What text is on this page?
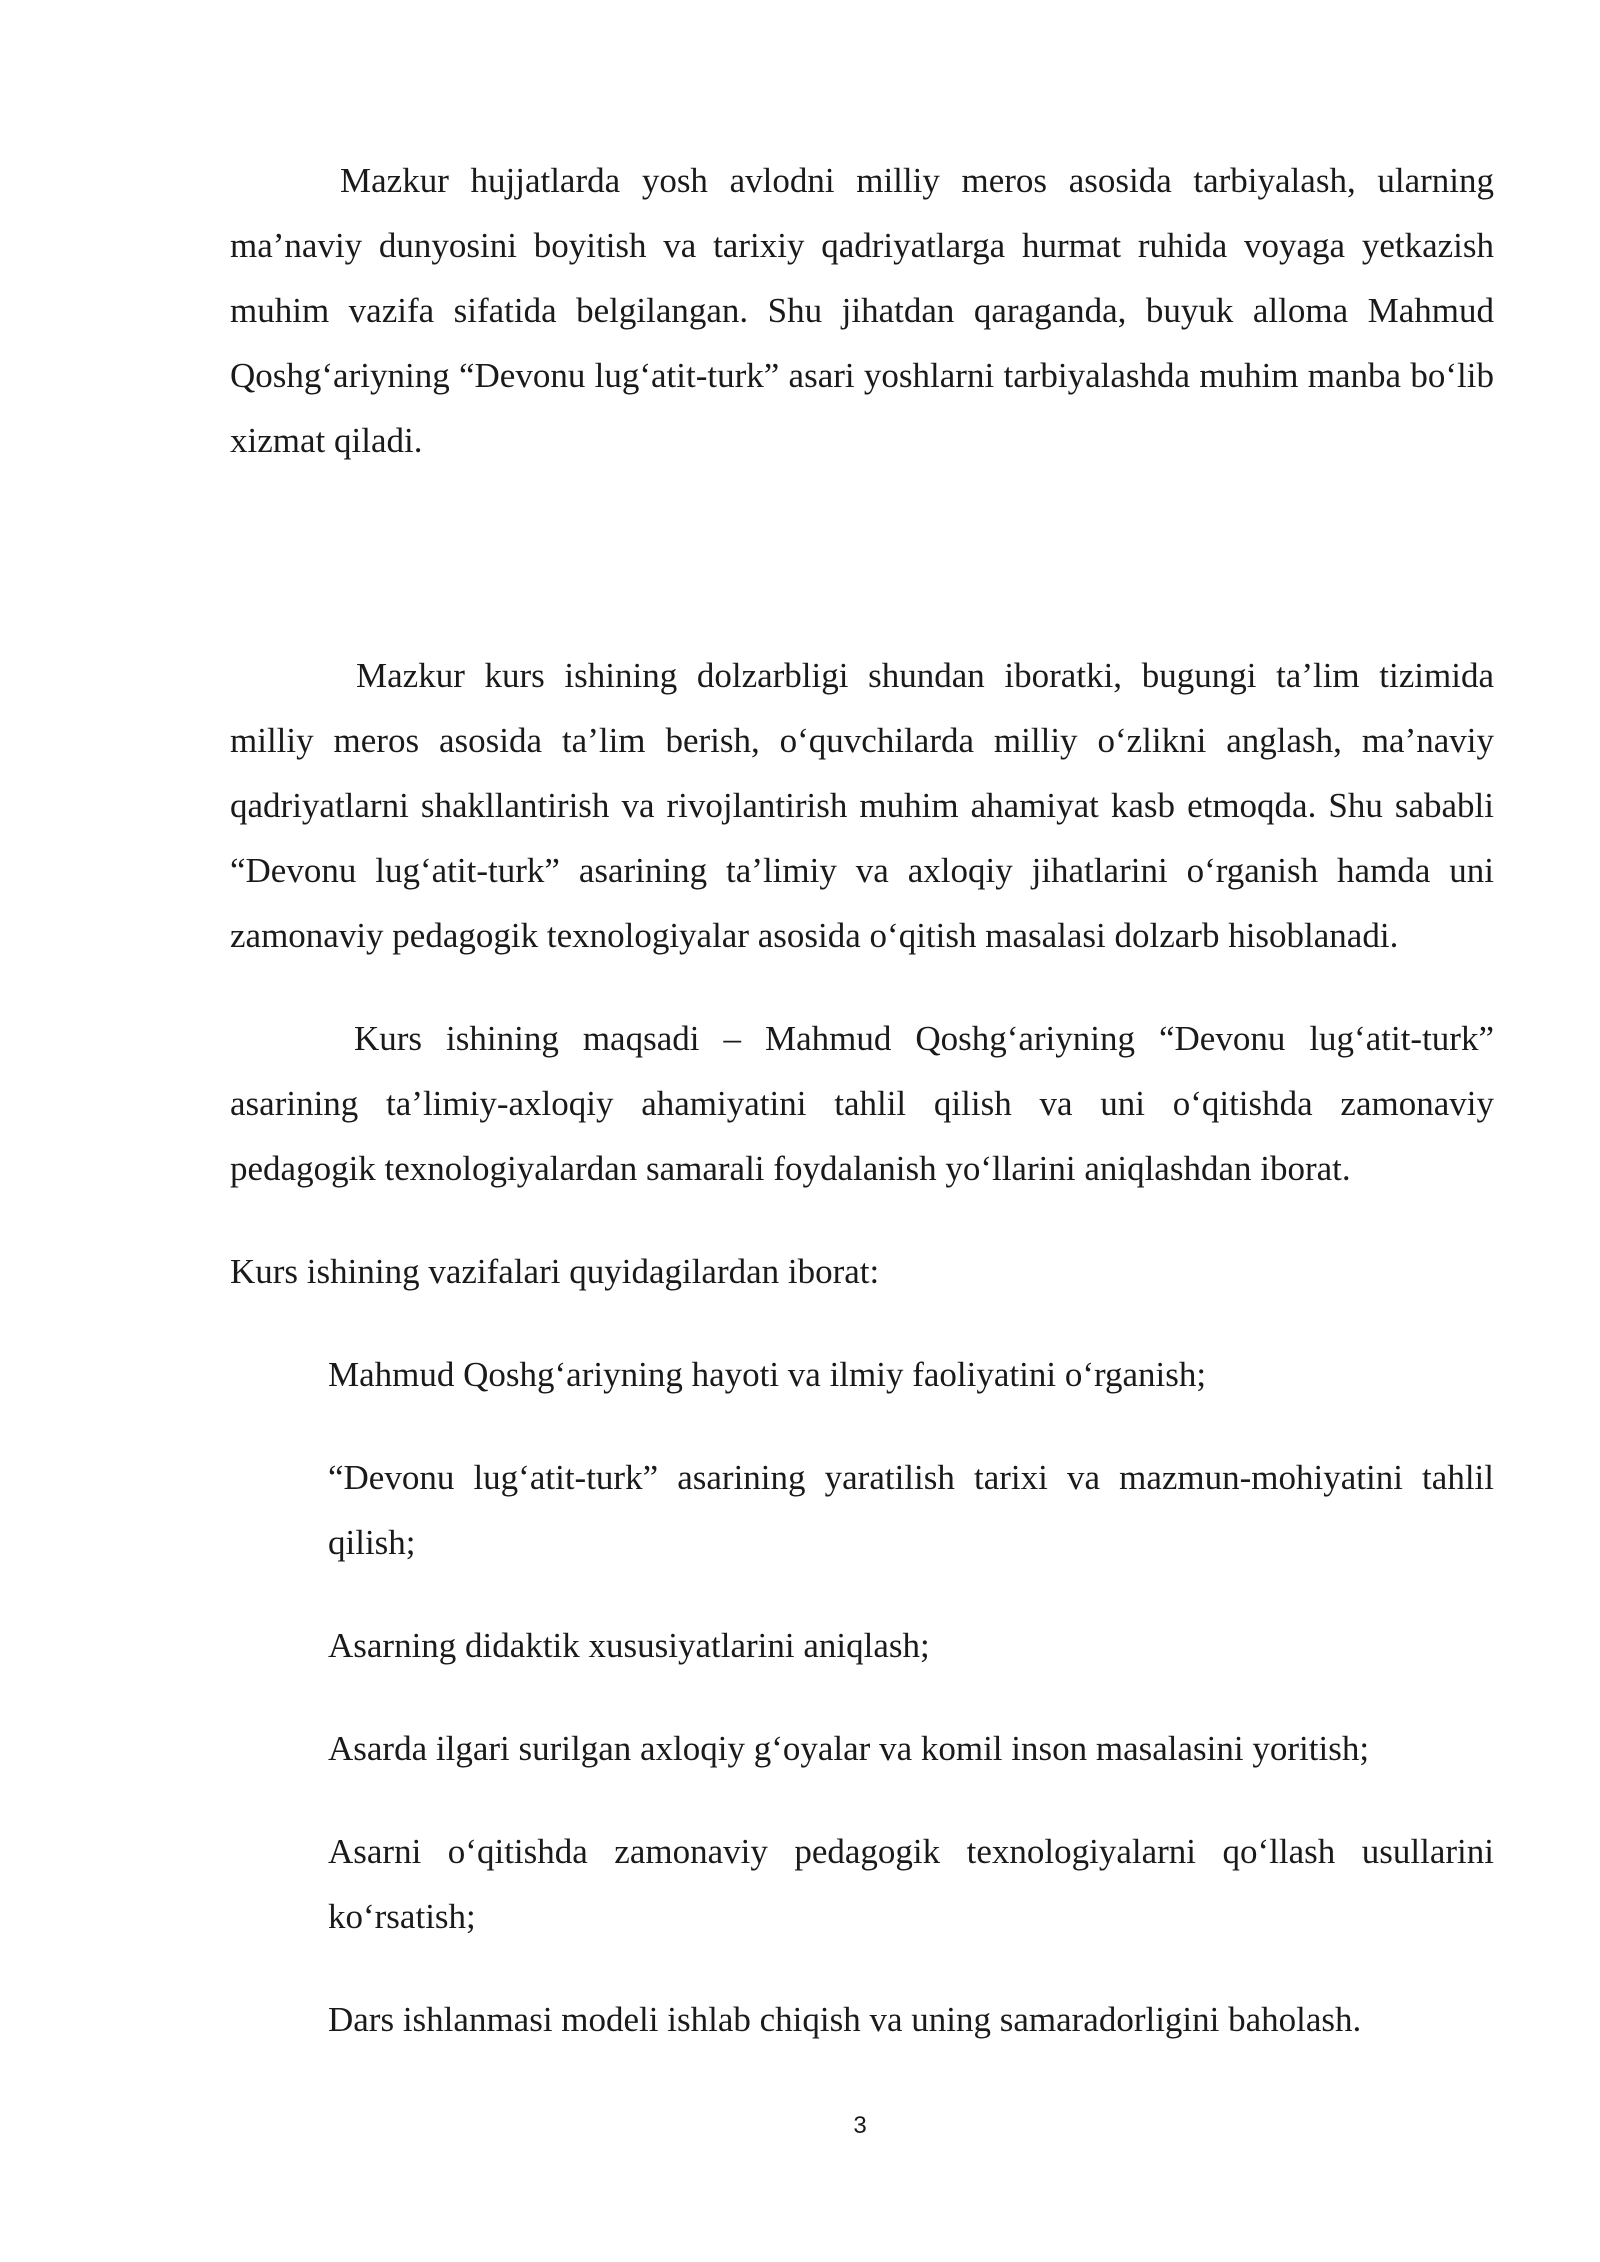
Mazkur hujjatlarda yosh avlodni milliy meros asosida tarbiyalash, ularning ma’naviy dunyosini boyitish va tarixiy qadriyatlarga hurmat ruhida voyaga yetkazish muhim vazifa sifatida belgilangan. Shu jihatdan qaraganda, buyuk alloma Mahmud Qoshg‘ariyning “Devonu lug‘atit-turk” asari yoshlarni tarbiyalashda muhim manba bo‘lib xizmat qiladi.

Mazkur kurs ishining dolzarbligi shundan iboratki, bugungi ta’lim tizimida milliy meros asosida ta’lim berish, o‘quvchilarda milliy o‘zlikni anglash, ma’naviy qadriyatlarni shakllantirish va rivojlantirish muhim ahamiyat kasb etmoqda. Shu sababli “Devonu lug‘atit-turk” asarining ta’limiy va axloqiy jihatlarini o‘rganish hamda uni zamonaviy pedagogik texnologiyalar asosida o‘qitish masalasi dolzarb hisoblanadi.

Kurs ishining maqsadi – Mahmud Qoshg‘ariyning “Devonu lug‘atit-turk” asarining ta’limiy-axloqiy ahamiyatini tahlil qilish va uni o‘qitishda zamonaviy pedagogik texnologiyalardan samarali foydalanish yo‘llarini aniqlashdan iborat.

Kurs ishining vazifalari quyidagilardan iborat:

Mahmud Qoshg‘ariyning hayoti va ilmiy faoliyatini o‘rganish;

“Devonu lug‘atit-turk” asarining yaratilish tarixi va mazmun-mohiyatini tahlil qilish;

Asarning didaktik xususiyatlarini aniqlash;

Asarda ilgari surilgan axloqiy g‘oyalar va komil inson masalasini yoritish;

Asarni o‘qitishda zamonaviy pedagogik texnologiyalarni qo‘llash usullarini ko‘rsatish;

Dars ishlanmasi modeli ishlab chiqish va uning samaradorligini baholash.

3
